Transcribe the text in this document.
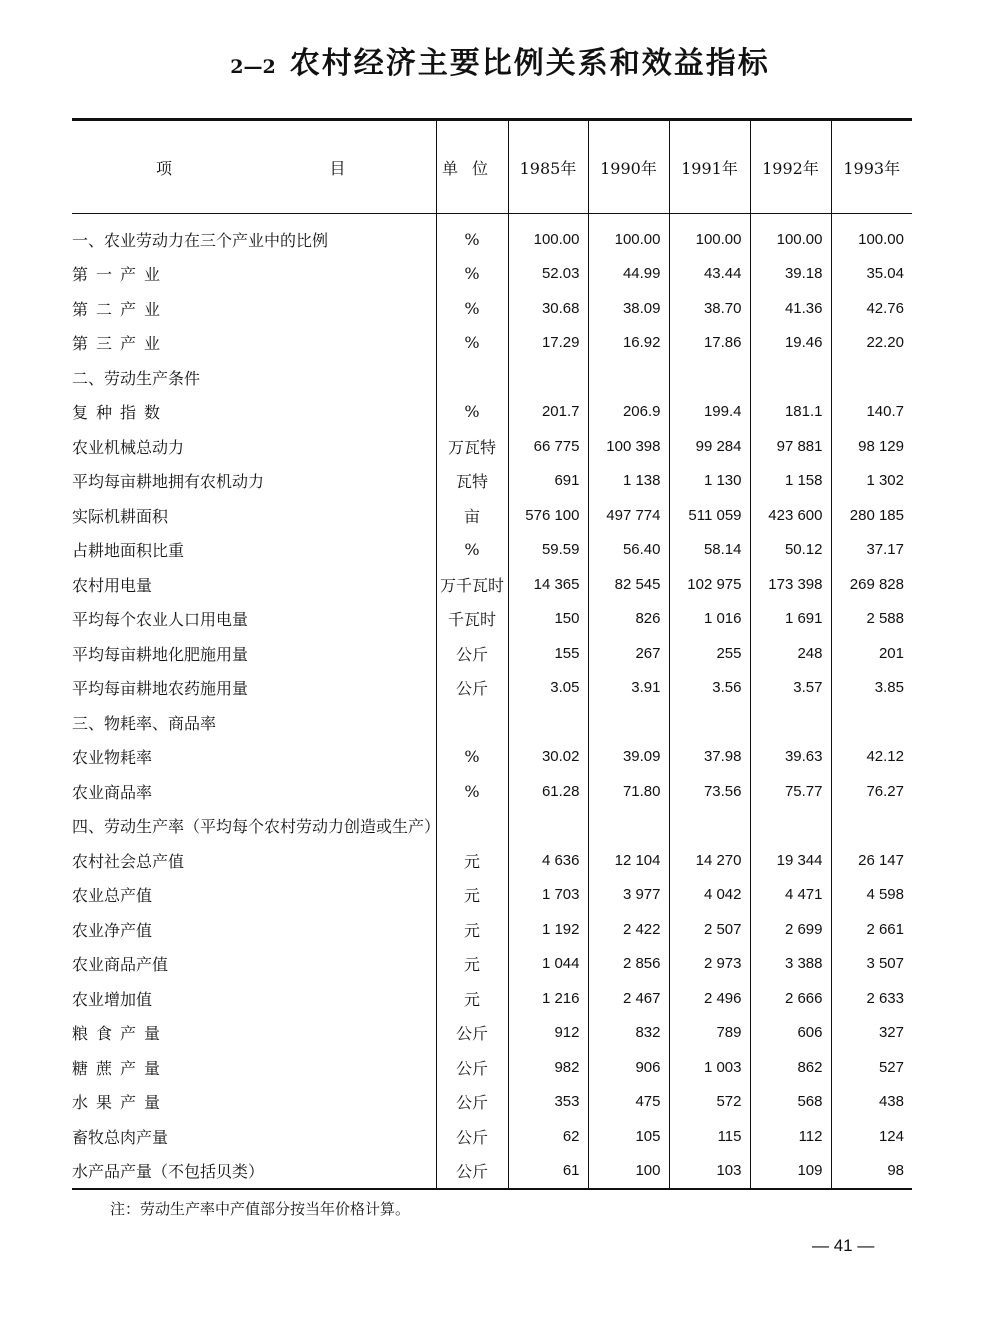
2—2 农村经济主要比例关系和效益指标
项 目	单位	1985年	1990年	1991年	1992年	1993年
一、农业劳动力在三个产业中的比例	%	100.00	100.00	100.00	100.00	100.00
第一产业	%	52.03	44.99	43.44	39.18	35.04
第二产业	%	30.68	38.09	38.70	41.36	42.76
第三产业	%	17.29	16.92	17.86	19.46	22.20
二、劳动生产条件						
复种指数	%	201.7	206.9	199.4	181.1	140.7
农业机械总动力	万瓦特	66 775	100 398	99 284	97 881	98 129
平均每亩耕地拥有农机动力	瓦特	691	1 138	1 130	1 158	1 302
实际机耕面积	亩	576 100	497 774	511 059	423 600	280 185
占耕地面积比重	%	59.59	56.40	58.14	50.12	37.17
农村用电量	万千瓦时	14 365	82 545	102 975	173 398	269 828
平均每个农业人口用电量	千瓦时	150	826	1 016	1 691	2 588
平均每亩耕地化肥施用量	公斤	155	267	255	248	201
平均每亩耕地农药施用量	公斤	3.05	3.91	3.56	3.57	3.85
三、物耗率、商品率						
农业物耗率	%	30.02	39.09	37.98	39.63	42.12
农业商品率	%	61.28	71.80	73.56	75.77	76.27
四、劳动生产率（平均每个农村劳动力创造或生产）						
农村社会总产值	元	4 636	12 104	14 270	19 344	26 147
农业总产值	元	1 703	3 977	4 042	4 471	4 598
农业净产值	元	1 192	2 422	2 507	2 699	2 661
农业商品产值	元	1 044	2 856	2 973	3 388	3 507
农业增加值	元	1 216	2 467	2 496	2 666	2 633
粮食产量	公斤	912	832	789	606	327
糖蔗产量	公斤	982	906	1 003	862	527
水果产量	公斤	353	475	572	568	438
畜牧总肉产量	公斤	62	105	115	112	124
水产品产量（不包括贝类）	公斤	61	100	103	109	98
注：劳动生产率中产值部分按当年价格计算。
— 41 —
